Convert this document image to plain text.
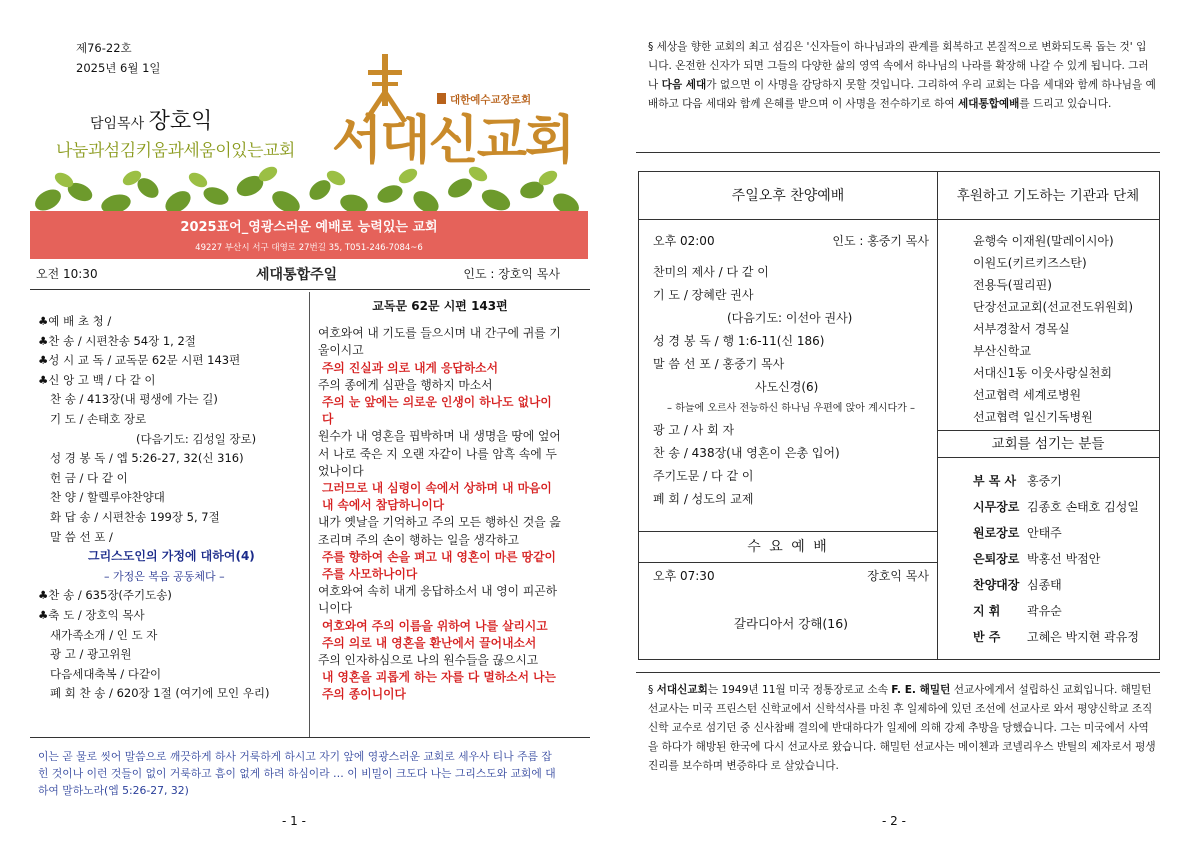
제76-22호
2025년 6월 1일
담임목사 장호익
나눔과섬김키움과세움이있는교회
대한예수교장로회
서대신교회
2025표어_영광스러운 예배로 능력있는 교회
49227 부산시 서구 대영로 27번길 35, T051-246-7084~6
오전 10:30	세대통합주일	인도 : 장호익 목사
♣예 배 초 청 /
♣찬 송 / 시편찬송 54장 1, 2절
♣성 시 교 독 / 교독문 62문 시편 143편
♣신 앙 고 백 / 다 같 이
찬 송 / 413장(내 평생에 가는 길)
기 도 / 손태호 장로
(다음기도: 김성일 장로)
성 경 봉 독 / 엡 5:26-27, 32(신 316)
헌 금 / 다 같 이
찬 양 / 할렐루야찬양대
화 답 송 / 시편찬송 199장 5, 7절
말 씀 선 포 /
그리스도인의 가정에 대하여(4)
– 가정은 복음 공동체다 –
♣찬 송 / 635장(주기도송)
♣축 도 / 장호익 목사
새가족소개 / 인 도 자
광 고 / 광고위원
다음세대축복 / 다같이
폐 회 찬 송 / 620장 1절 (여기에 모인 우리)
교독문 62문 시편 143편
여호와여 내 기도를 들으시며 내 간구에 귀를 기울이시고
주의 진실과 의로 내게 응답하소서
주의 종에게 심판을 행하지 마소서
주의 눈 앞에는 의로운 인생이 하나도 없나이다
원수가 내 영혼을 핍박하며 내 생명을 땅에 엎어서 나로 죽은 지 오랜 자같이 나를 암흑 속에 두었나이다
그러므로 내 심령이 속에서 상하며 내 마음이 내 속에서 참담하니이다
내가 옛날을 기억하고 주의 모든 행하신 것을 읊조리며 주의 손이 행하는 일을 생각하고
주를 향하여 손을 펴고 내 영혼이 마른 땅같이 주를 사모하나이다
여호와여 속히 내게 응답하소서 내 영이 피곤하니이다
여호와여 주의 이름을 위하여 나를 살리시고 주의 의로 내 영혼을 환난에서 끌어내소서
주의 인자하심으로 나의 원수들을 끊으시고
내 영혼을 괴롭게 하는 자를 다 멸하소서 나는 주의 종이니이다
이는 곧 물로 씻어 말씀으로 깨끗하게 하사 거룩하게 하시고 자기 앞에 영광스러운 교회로 세우사 티나 주름 잡힌 것이나 이런 것들이 없이 거룩하고 흠이 없게 하려 하심이라 … 이 비밀이 크도다 나는 그리스도와 교회에 대하여 말하노라(엡 5:26-27, 32)
- 1 -
§ 세상을 향한 교회의 최고 섬김은 '신자들이 하나님과의 관계를 회복하고 본질적으로 변화되도록 돕는 것' 입니다. 온전한 신자가 되면 그들의 다양한 삶의 영역 속에서 하나님의 나라를 확장해 나갈 수 있게 됩니다. 그러나 다음 세대가 없으면 이 사명을 감당하지 못할 것입니다. 그리하여 우리 교회는 다음 세대와 함께 하나님을 예배하고 다음 세대와 함께 은혜를 받으며 이 사명을 전수하기로 하여 세대통합예배를 드리고 있습니다.
주일오후 찬양예배	후원하고 기도하는 기관과 단체
오후 02:00	인도 : 홍중기 목사
찬미의 제사 / 다 같 이
기 도 / 장혜란 권사
(다음기도: 이선아 권사)
성 경 봉 독 / 행 1:6-11(신 186)
말 씀 선 포 / 홍중기 목사
사도신경(6)
– 하늘에 오르사 전능하신 하나님 우편에 앉아 계시다가 –
광 고 / 사 회 자
찬 송 / 438장(내 영혼이 은총 입어)
주기도문 / 다 같 이
폐 회 / 성도의 교제
수 요 예 배
오후 07:30	장호익 목사
갈라디아서 강해(16)
윤행숙 이재원(말레이시아)
이원도(키르키즈스탄)
전용득(필리핀)
단장선교교회(선교전도위원회)
서부경찰서 경목실
부산신학교
서대신1동 이웃사랑실천회
선교협력 세계로병원
선교협력 일신기독병원
교회를 섬기는 분들
부 목 사 홍중기
시무장로 김종호 손태호 김성일
원로장로 안태주
은퇴장로 박홍선 박점안
찬양대장 심종태
지 휘	곽유순
반 주	고혜은 박지현 곽유정
§ 서대신교회는 1949년 11월 미국 정통장로교 소속 F. E. 해밀턴 선교사에게서 설립하신 교회입니다. 해밀턴 선교사는 미국 프린스턴 신학교에서 신학석사를 마친 후 일제하에 있던 조선에 선교사로 와서 평양신학교 조직신학 교수로 섬기던 중 신사참배 결의에 반대하다가 일제에 의해 강제 추방을 당했습니다. 그는 미국에서 사역을 하다가 해방된 한국에 다시 선교사로 왔습니다. 해밀턴 선교사는 메이첸과 코넬리우스 반틸의 제자로서 평생 진리를 보수하며 변증하다 로 살았습니다.
- 2 -
